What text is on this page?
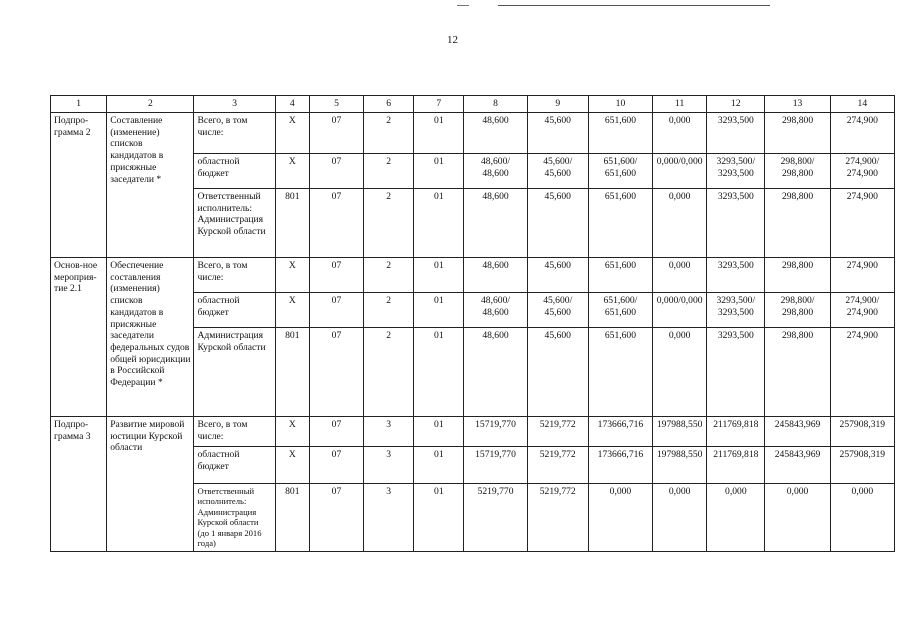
12
1	2	3	4	5	6	7	8	9	10	11	12	13	14
Подпро-грамма 2	Составление (изменение) списков кандидатов в присяжные заседатели *	Всего, в том числе:	X	07	2	01	48,600	45,600	651,600	0,000	3293,500	298,800	274,900
		областной бюджет	X	07	2	01	48,600/ 48,600	45,600/ 45,600	651,600/ 651,600	0,000/0,000	3293,500/ 3293,500	298,800/ 298,800	274,900/ 274,900
		Ответственный исполнитель: Администрация Курской области	801	07	2	01	48,600	45,600	651,600	0,000	3293,500	298,800	274,900
Основ-ное мероприя-тие 2.1	Обеспечение составления (изменения) списков кандидатов в присяжные заседатели федеральных судов общей юрисдикции в Российской Федерации *	Всего, в том числе:	X	07	2	01	48,600	45,600	651,600	0,000	3293,500	298,800	274,900
		областной бюджет	X	07	2	01	48,600/ 48,600	45,600/ 45,600	651,600/ 651,600	0,000/0,000	3293,500/ 3293,500	298,800/ 298,800	274,900/ 274,900
		Администрация Курской области	801	07	2	01	48,600	45,600	651,600	0,000	3293,500	298,800	274,900
Подпро-грамма 3	Развитие мировой юстиции Курской области	Всего, в том числе:	X	07	3	01	15719,770	5219,772	173666,716	197988,550	211769,818	245843,969	257908,319
		областной бюджет	X	07	3	01	15719,770	5219,772	173666,716	197988,550	211769,818	245843,969	257908,319
		Ответственный исполнитель: Администрация Курской области (до 1 января 2016 года)	801	07	3	01	5219,770	5219,772	0,000	0,000	0,000	0,000	0,000
